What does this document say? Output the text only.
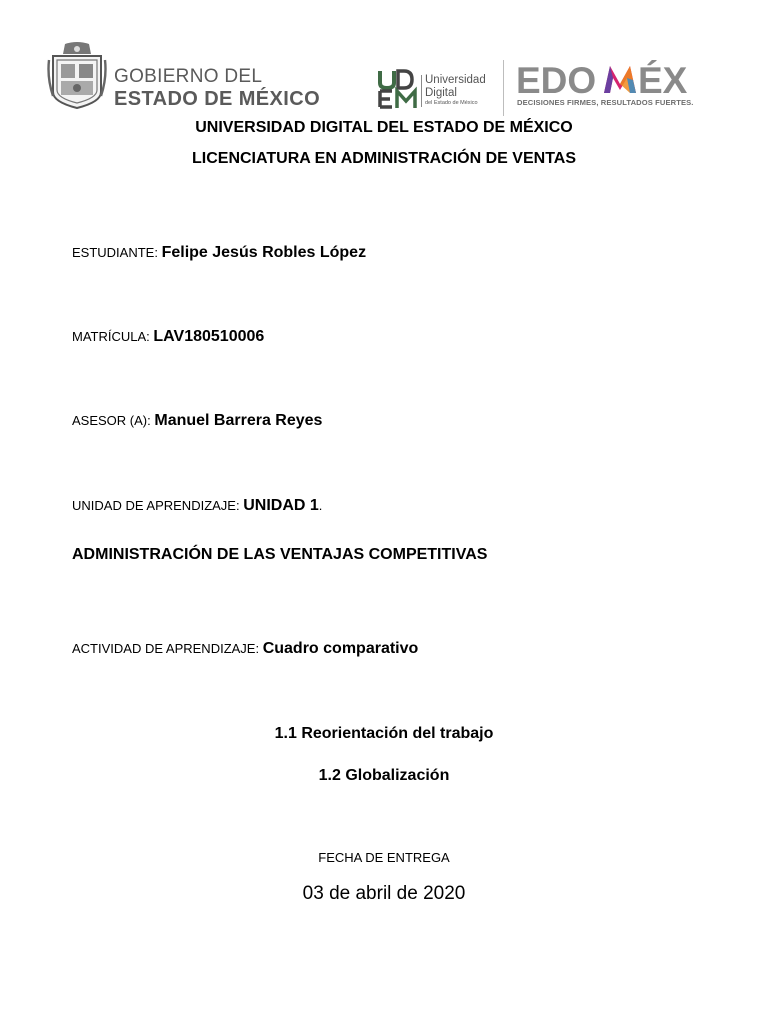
GOBIERNO DEL
ESTADO DE MÉXICO
Universidad
Digital
del Estado de México
EDO ÉX
DECISIONES FIRMES, RESULTADOS FUERTES.
UNIVERSIDAD DIGITAL DEL ESTADO DE MÉXICO
LICENCIATURA EN ADMINISTRACIÓN DE VENTAS
ESTUDIANTE: Felipe Jesús Robles López
MATRÍCULA: LAV180510006
ASESOR (A): Manuel Barrera Reyes
UNIDAD DE APRENDIZAJE: UNIDAD 1.
ADMINISTRACIÓN DE LAS VENTAJAS COMPETITIVAS
ACTIVIDAD DE APRENDIZAJE: Cuadro comparativo
1.1 Reorientación del trabajo
1.2 Globalización
FECHA DE ENTREGA
03 de abril de 2020
